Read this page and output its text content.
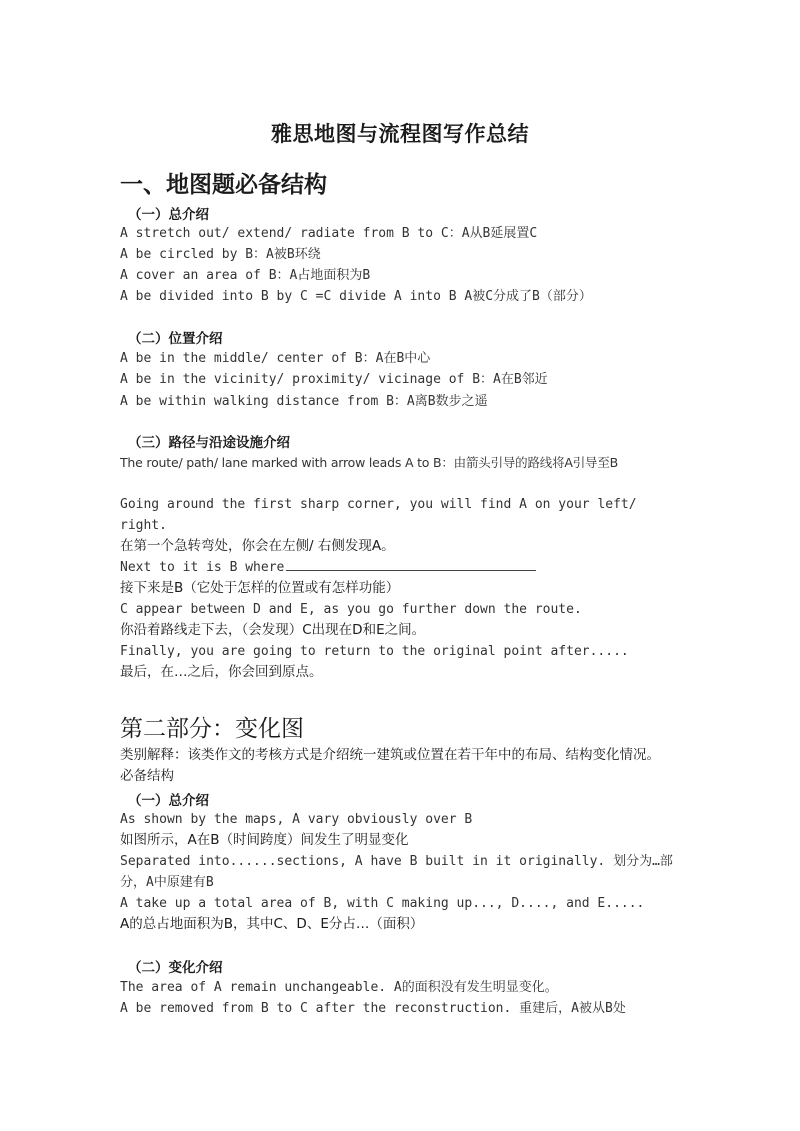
雅思地图与流程图写作总结
一、地图题必备结构
（一）总介绍
A stretch out/ extend/ radiate from B to C：A从B延展置C
A be circled by B：A被B环绕
A cover an area of B：A占地面积为B
A be divided into B by C =C divide A into B A被C分成了B（部分）
（二）位置介绍
A be in the middle/ center of B：A在B中心
A be in the vicinity/ proximity/ vicinage of B：A在B邻近
A be within walking distance from B：A离B数步之遥
（三）路径与沿途设施介绍
The route/ path/ lane marked with arrow leads A to B：由箭头引导的路线将A引导至B
Going around the first sharp corner, you will find A on your left/ right.
在第一个急转弯处，你会在左侧/ 右侧发现A。
Next to it is B where
接下来是B（它处于怎样的位置或有怎样功能）
C appear between D and E, as you go further down the route.
你沿着路线走下去，（会发现）C出现在D和E之间。
Finally, you are going to return to the original point after.....
最后，在…之后，你会回到原点。
第二部分：变化图
类别解释：该类作文的考核方式是介绍统一建筑或位置在若干年中的布局、结构变化情况。
必备结构
（一）总介绍
As shown by the maps, A vary obviously over B
如图所示，A在B（时间跨度）间发生了明显变化
Separated into......sections, A have B built in it originally. 划分为…部分，A中原建有B
A take up a total area of B, with C making up..., D...., and E.....
A的总占地面积为B，其中C、D、E分占…（面积）
（二）变化介绍
The area of A remain unchangeable. A的面积没有发生明显变化。
A be removed from B to C after the reconstruction. 重建后，A被从B处
